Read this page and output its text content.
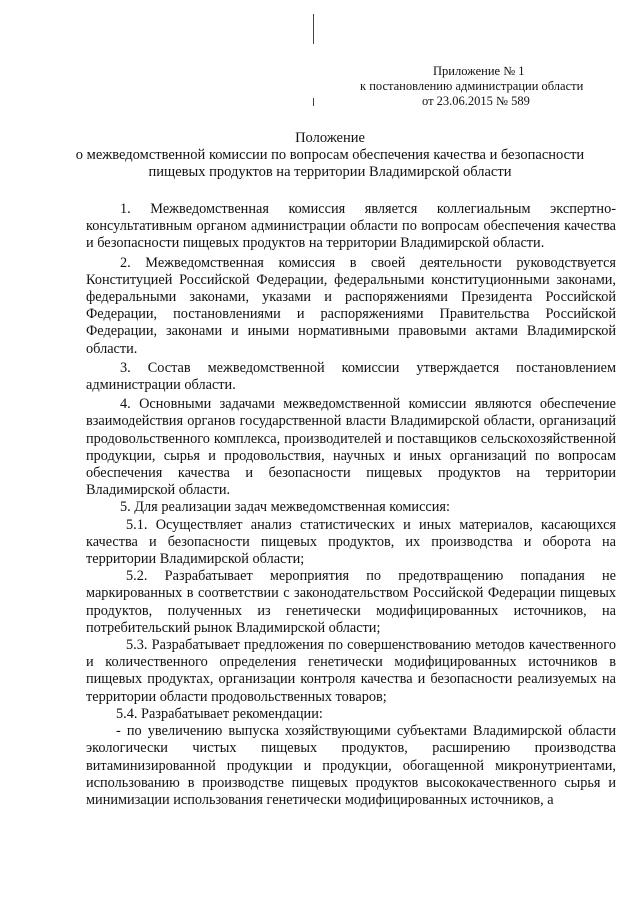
Приложение № 1
к постановлению администрации области
от 23.06.2015 № 589
Положение
о межведомственной комиссии по вопросам обеспечения качества и безопасности
пищевых продуктов на территории Владимирской области

1. Межведомственная комиссия является коллегиальным экспертно-консультативным органом администрации области по вопросам обеспечения качества и безопасности пищевых продуктов на территории Владимирской области.

2. Межведомственная комиссия в своей деятельности руководствуется Конституцией Российской Федерации, федеральными конституционными законами, федеральными законами, указами и распоряжениями Президента Российской Федерации, постановлениями и распоряжениями Правительства Российской Федерации, законами и иными нормативными правовыми актами Владимирской области.

3. Состав межведомственной комиссии утверждается постановлением администрации области.

4. Основными задачами межведомственной комиссии являются обеспечение взаимодействия органов государственной власти Владимирской области, организаций продовольственного комплекса, производителей и поставщиков сельскохозяйственной продукции, сырья и продовольствия, научных и иных организаций по вопросам обеспечения качества и безопасности пищевых продуктов на территории Владимирской области.

5. Для реализации задач межведомственная комиссия:

5.1. Осуществляет анализ статистических и иных материалов, касающихся качества и безопасности пищевых продуктов, их производства и оборота на территории Владимирской области;

5.2. Разрабатывает мероприятия по предотвращению попадания не маркированных в соответствии с законодательством Российской Федерации пищевых продуктов, полученных из генетически модифицированных источников, на потребительский рынок Владимирской области;

5.3. Разрабатывает предложения по совершенствованию методов качественного и количественного определения генетически модифицированных источников в пищевых продуктах, организации контроля качества и безопасности реализуемых на территории области продовольственных товаров;

5.4. Разрабатывает рекомендации:

- по увеличению выпуска хозяйствующими субъектами Владимирской области экологически чистых пищевых продуктов, расширению производства витаминизированной продукции и продукции, обогащенной микронутриентами, использованию в производстве пищевых продуктов высококачественного сырья и минимизации использования генетически модифицированных источников, а
